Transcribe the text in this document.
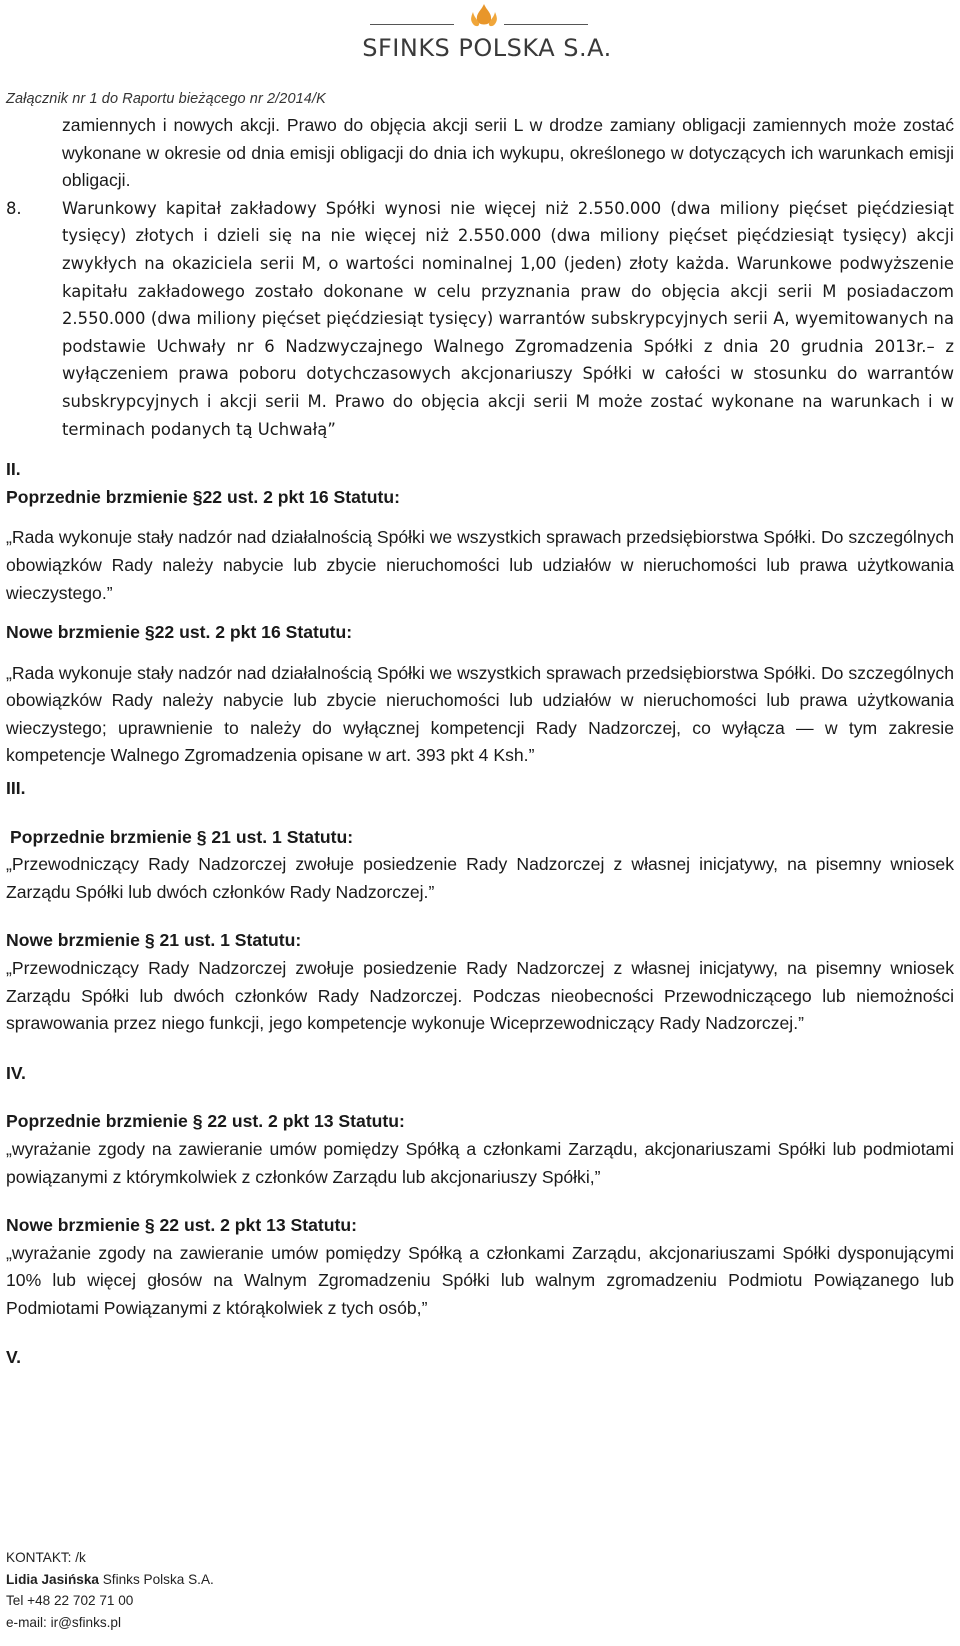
SFINKS POLSKA S.A.
Załącznik nr 1 do Raportu bieżącego nr 2/2014/K

zamiennych i nowych akcji. Prawo do objęcia akcji serii L w drodze zamiany obligacji zamiennych może zostać wykonane w okresie od dnia emisji obligacji do dnia ich wykupu, określonego w dotyczących ich warunkach emisji obligacji.

8. Warunkowy kapitał zakładowy Spółki wynosi nie więcej niż 2.550.000 (dwa miliony pięćset pięćdziesiąt tysięcy) złotych i dzieli się na nie więcej niż 2.550.000 (dwa miliony pięćset pięćdziesiąt tysięcy) akcji zwykłych na okaziciela serii M, o wartości nominalnej 1,00 (jeden) złoty każda. Warunkowe podwyższenie kapitału zakładowego zostało dokonane w celu przyznania praw do objęcia akcji serii M posiadaczom 2.550.000 (dwa miliony pięćset pięćdziesiąt tysięcy) warrantów subskrypcyjnych serii A, wyemitowanych na podstawie Uchwały nr 6 Nadzwyczajnego Walnego Zgromadzenia Spółki z dnia 20 grudnia 2013r.– z wyłączeniem prawa poboru dotychczasowych akcjonariuszy Spółki w całości w stosunku do warrantów subskrypcyjnych i akcji serii M. Prawo do objęcia akcji serii M może zostać wykonane na warunkach i w terminach podanych tą Uchwałą”

II.

Poprzednie brzmienie §22 ust. 2 pkt 16 Statutu:

„Rada wykonuje stały nadzór nad działalnością Spółki we wszystkich sprawach przedsiębiorstwa Spółki. Do szczególnych obowiązków Rady należy nabycie lub zbycie nieruchomości lub udziałów w nieruchomości lub prawa użytkowania wieczystego.”

Nowe brzmienie §22 ust. 2 pkt 16 Statutu:

„Rada wykonuje stały nadzór nad działalnością Spółki we wszystkich sprawach przedsiębiorstwa Spółki. Do szczególnych obowiązków Rady należy nabycie lub zbycie nieruchomości lub udziałów w nieruchomości lub prawa użytkowania wieczystego; uprawnienie to należy do wyłącznej kompetencji Rady Nadzorczej, co wyłącza — w tym zakresie kompetencje Walnego Zgromadzenia opisane w art. 393 pkt 4 Ksh.”

III.

Poprzednie brzmienie § 21 ust. 1 Statutu:

„Przewodniczący Rady Nadzorczej zwołuje posiedzenie Rady Nadzorczej z własnej inicjatywy, na pisemny wniosek Zarządu Spółki lub dwóch członków Rady Nadzorczej.”

Nowe brzmienie § 21 ust. 1 Statutu:

„Przewodniczący Rady Nadzorczej zwołuje posiedzenie Rady Nadzorczej z własnej inicjatywy, na pisemny wniosek Zarządu Spółki lub dwóch członków Rady Nadzorczej. Podczas nieobecności Przewodniczącego lub niemożności sprawowania przez niego funkcji, jego kompetencje wykonuje Wiceprzewodniczący Rady Nadzorczej.”

IV.

Poprzednie brzmienie § 22 ust. 2 pkt 13 Statutu:

„wyrażanie zgody na zawieranie umów pomiędzy Spółką a członkami Zarządu, akcjonariuszami Spółki lub podmiotami powiązanymi z którymkolwiek z członków Zarządu lub akcjonariuszy Spółki,”

Nowe brzmienie § 22 ust. 2 pkt 13 Statutu:

„wyrażanie zgody na zawieranie umów pomiędzy Spółką a członkami Zarządu, akcjonariuszami Spółki dysponującymi 10% lub więcej głosów na Walnym Zgromadzeniu Spółki lub walnym zgromadzeniu Podmiotu Powiązanego lub Podmiotami Powiązanymi z którąkolwiek z tych osób,”

V.

KONTAKT: /k
Lidia Jasińska Sfinks Polska S.A.
Tel +48 22 702 71 00
e-mail: ir@sfinks.pl
